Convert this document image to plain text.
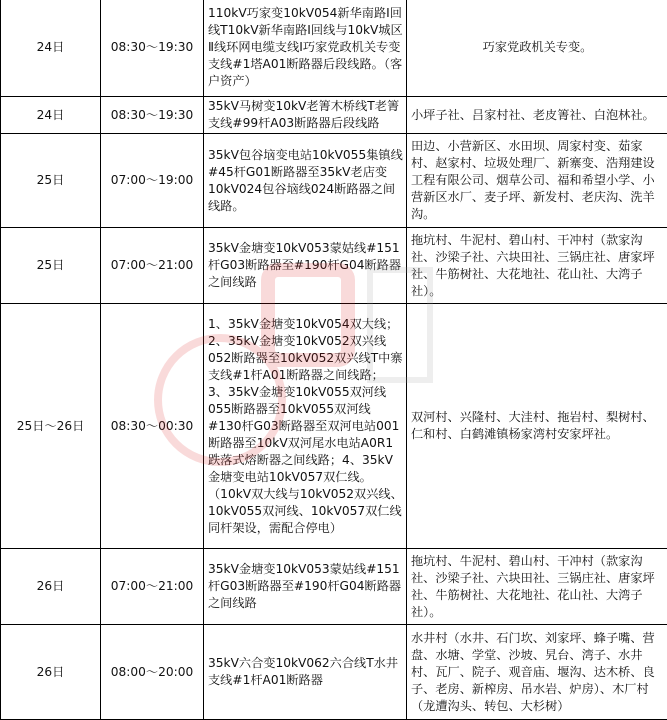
24日	08:30～19:30	110kV巧家变10kV054新华南路Ⅰ回线T10kV新华南路Ⅰ回线与10kV城区Ⅱ线环网电缆支线Ⅰ巧家党政机关专变支线#1塔A01断路器后段线路。（客户资产）	巧家党政机关专变。
24日	08:30～19:30	35kV马树变10kV老箐木桥线T老箐支线#99杆A03断路器后段线路	小坪子社、吕家村社、老皮箐社、白泡林社。
25日	07:00～19:00	35kV包谷垴变电站10kV055集镇线#45杆G01断路器至35kV老店变10kV024包谷垴线024断路器之间线路。	田边、小营新区、水田坝、周家村变、茹家村、赵家村、垃圾处理厂、新寨变、浩翔建设工程有限公司、烟草公司、福和希望小学、小营新区水厂、麦子坪、新发村、老庆沟、洗羊沟。
25日	07:00～21:00	35kV金塘变10kV053蒙姑线#151杆G03断路器至#190杆G04断路器之间线路	拖坑村、牛泥村、碧山村、干冲村（款家沟社、沙梁子社、六块田社、三锅庄社、唐家坪社、牛筋树社、大花地社、花山社、大湾子社）。
25日～26日	08:30～00:30	1、35kV金塘变10kV054双大线；2、35kV金塘变10kV052双兴线052断路器至10kV052双兴线T中寨支线#1杆A01断路器之间线路；3、35kV金塘变10kV055双河线055断路器至10kV055双河线#130杆G03断路器至双河电站001断路器至10kV双河尾水电站A0R1跌落式熔断器之间线路；4、35kV金塘变电站10kV057双仁线。（10kV双大线与10kV052双兴线、10kV055双河线、10kV057双仁线同杆架设，需配合停电）	双河村、兴隆村、大洼村、拖岩村、梨树村、仁和村、白鹤滩镇杨家湾村安家坪社。
26日	07:00～21:00	35kV金塘变10kV053蒙姑线#151杆G03断路器至#190杆G04断路器之间线路	拖坑村、牛泥村、碧山村、干冲村（款家沟社、沙梁子社、六块田社、三锅庄社、唐家坪社、牛筋树社、大花地社、花山社、大湾子社）。
26日	08:00～20:00	35kV六合变10kV062六合线T水井支线#1杆A01断路器	水井村（水井、石门坎、刘家坪、蜂子嘴、营盘、水塘、学堂、沙坡、旯台、湾子、水井村、瓦厂、院子、观音庙、堰沟、达木桥、良子、老房、新榨房、吊水岩、炉房）、木厂村（龙遭沟头、转包、大杉树）
